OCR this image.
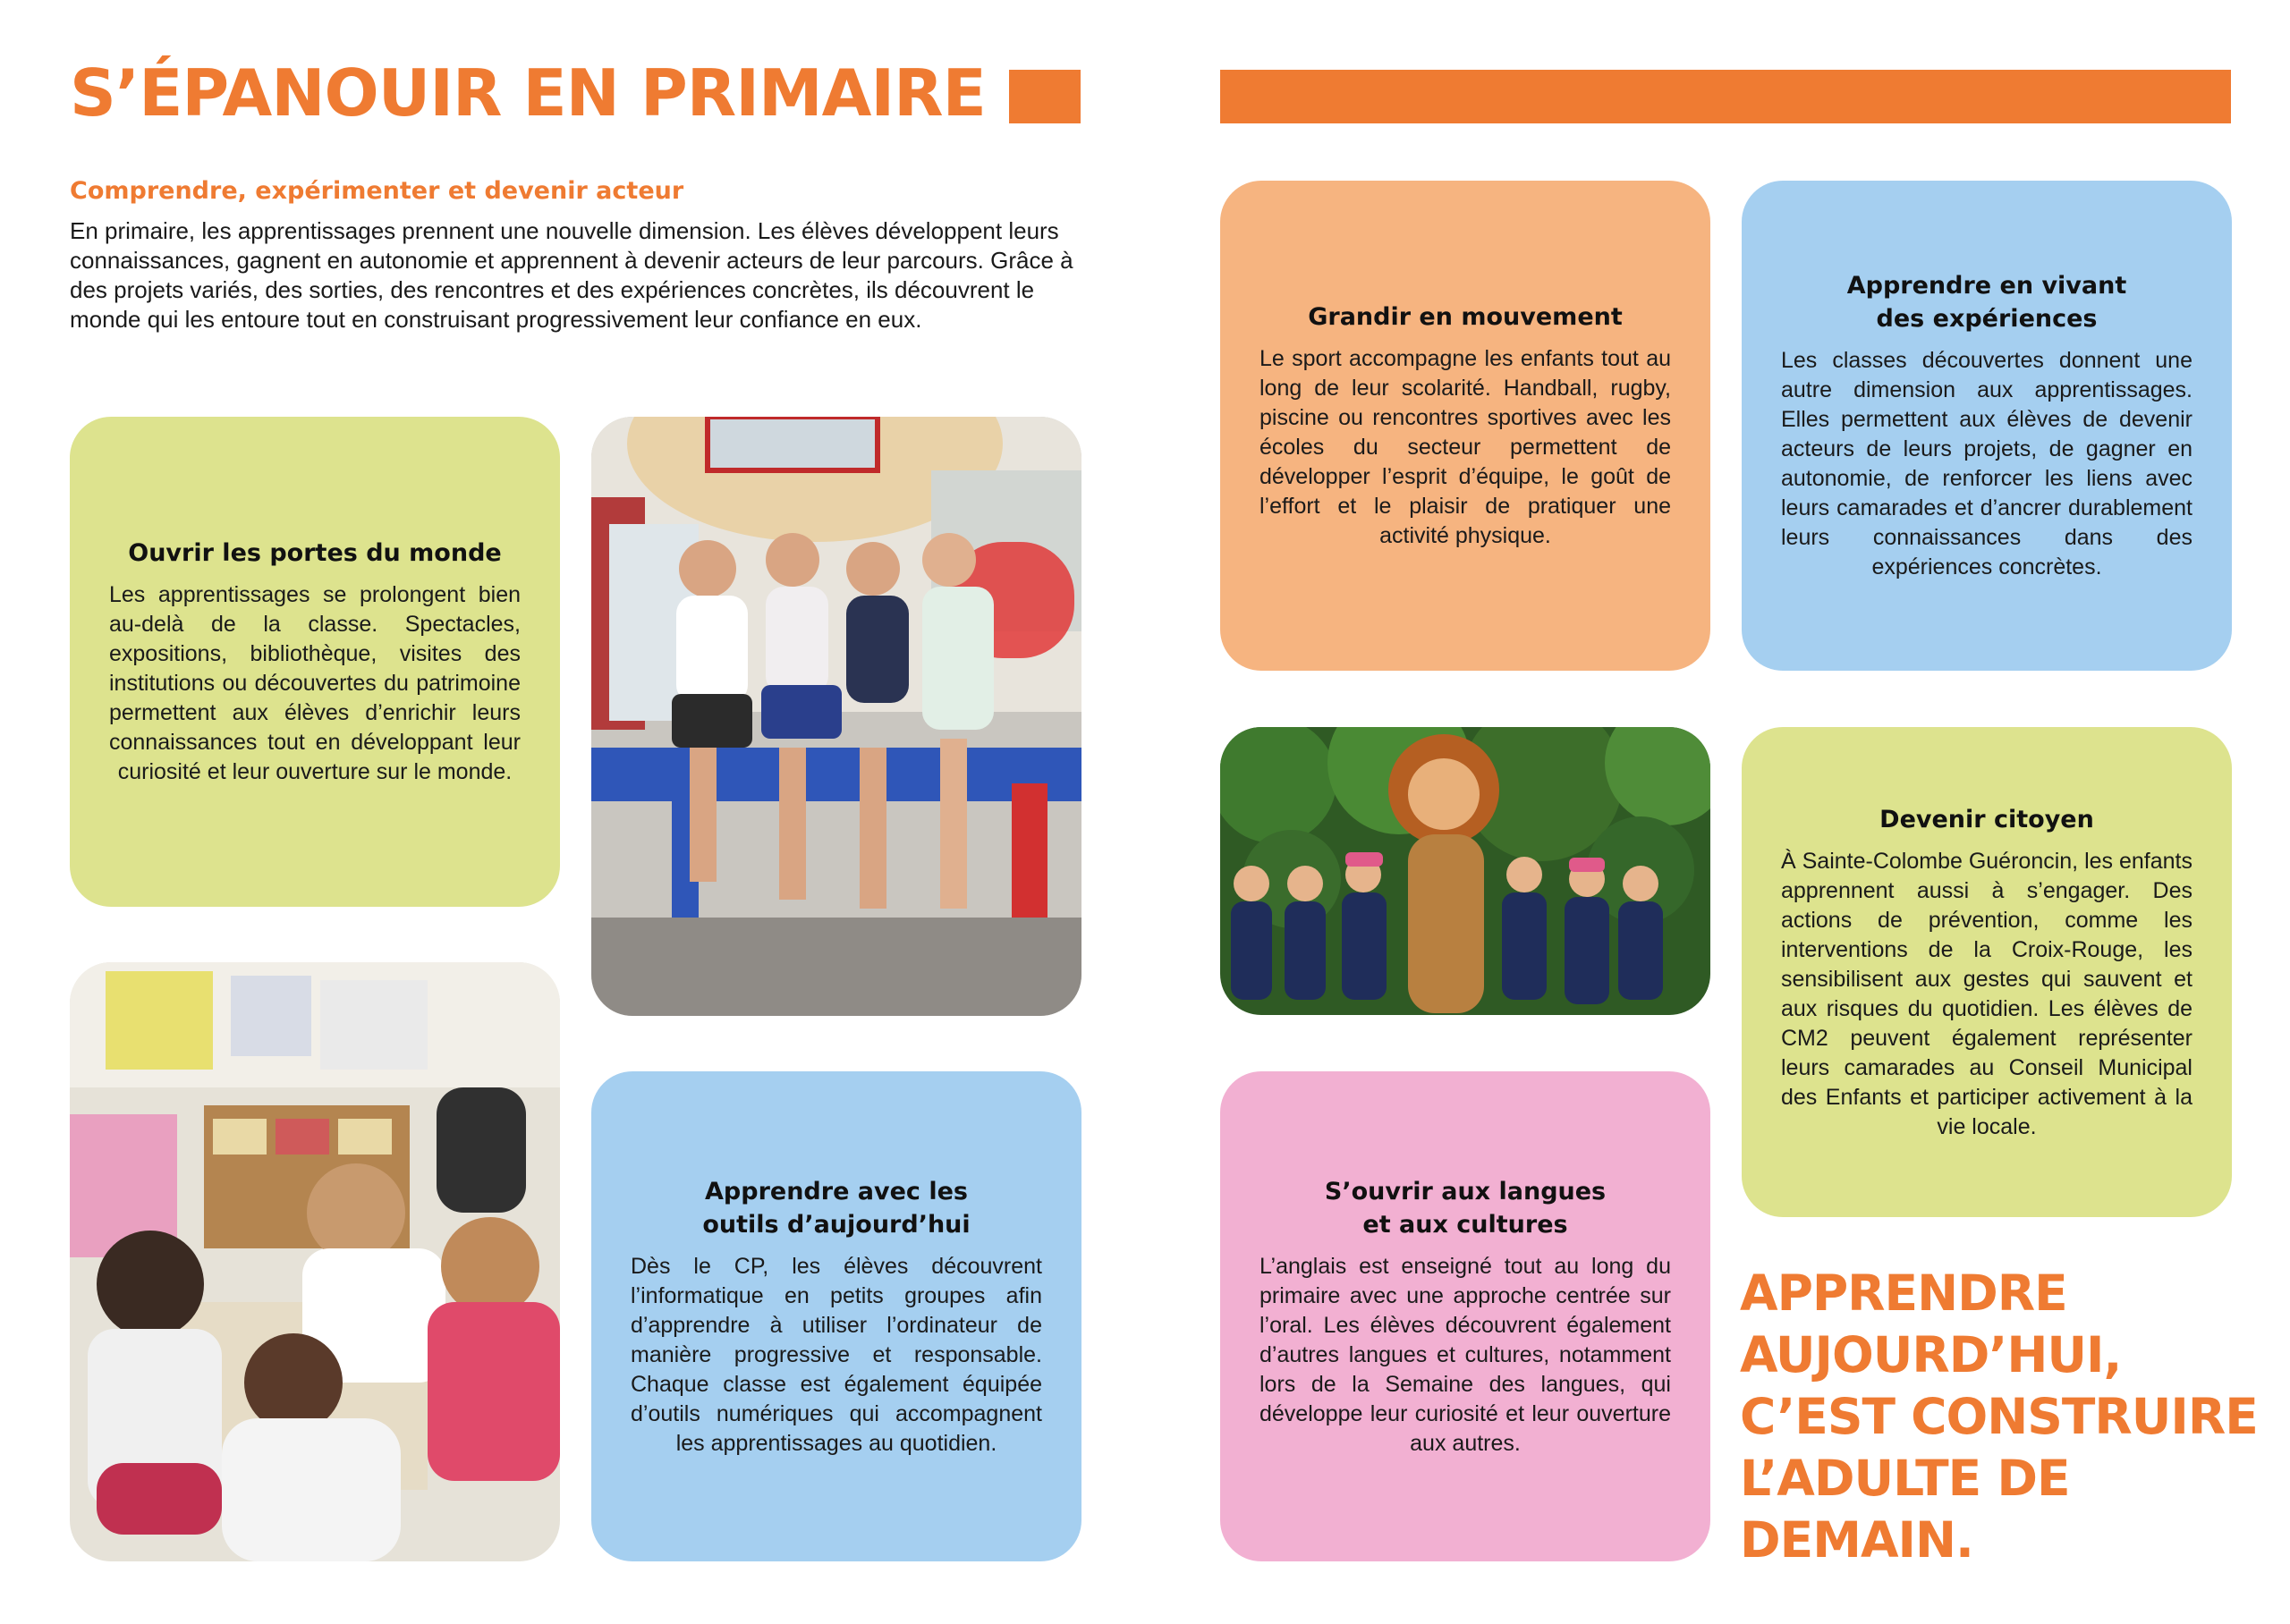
S’ÉPANOUIR EN PRIMAIRE
Comprendre, expérimenter et devenir acteur

En primaire, les apprentissages prennent une nouvelle dimension. Les élèves développent leurs connaissances, gagnent en autonomie et apprennent à devenir acteurs de leur parcours. Grâce à des projets variés, des sorties, des rencontres et des expériences concrètes, ils découvrent le monde qui les entoure tout en construisant progressivement leur confiance en eux.

Ouvrir les portes du monde

Les apprentissages se prolongent bien au-delà de la classe. Spectacles, expositions, bibliothèque, visites des institutions ou découvertes du patrimoine permettent aux élèves d’enrichir leurs connaissances tout en développant leur curiosité et leur ouverture sur le monde.

Apprendre avec les outils d’aujourd’hui

Dès le CP, les élèves découvrent l’informatique en petits groupes afin d’apprendre à utiliser l’ordinateur de manière progressive et responsable. Chaque classe est également équipée d’outils numériques qui accompagnent les apprentissages au quotidien.

Grandir en mouvement

Le sport accompagne les enfants tout au long de leur scolarité. Handball, rugby, piscine ou rencontres sportives avec les écoles du secteur permettent de développer l’esprit d’équipe, le goût de l’effort et le plaisir de pratiquer une activité physique.

Apprendre en vivant des expériences

Les classes découvertes donnent une autre dimension aux apprentissages. Elles permettent aux élèves de devenir acteurs de leurs projets, de gagner en autonomie, de renforcer les liens avec leurs camarades et d’ancrer durablement leurs connaissances dans des expériences concrètes.

Devenir citoyen

À Sainte-Colombe Guéroncin, les enfants apprennent aussi à s’engager. Des actions de prévention, comme les interventions de la Croix-Rouge, les sensibilisent aux gestes qui sauvent et aux risques du quotidien. Les élèves de CM2 peuvent également représenter leurs camarades au Conseil Municipal des Enfants et participer activement à la vie locale.

S’ouvrir aux langues et aux cultures

L’anglais est enseigné tout au long du primaire avec une approche centrée sur l’oral. Les élèves découvrent également d’autres langues et cultures, notamment lors de la Semaine des langues, qui développe leur curiosité et leur ouverture aux autres.

APPRENDRE
AUJOURD’HUI,
C’EST CONSTRUIRE
L’ADULTE DE
DEMAIN.
